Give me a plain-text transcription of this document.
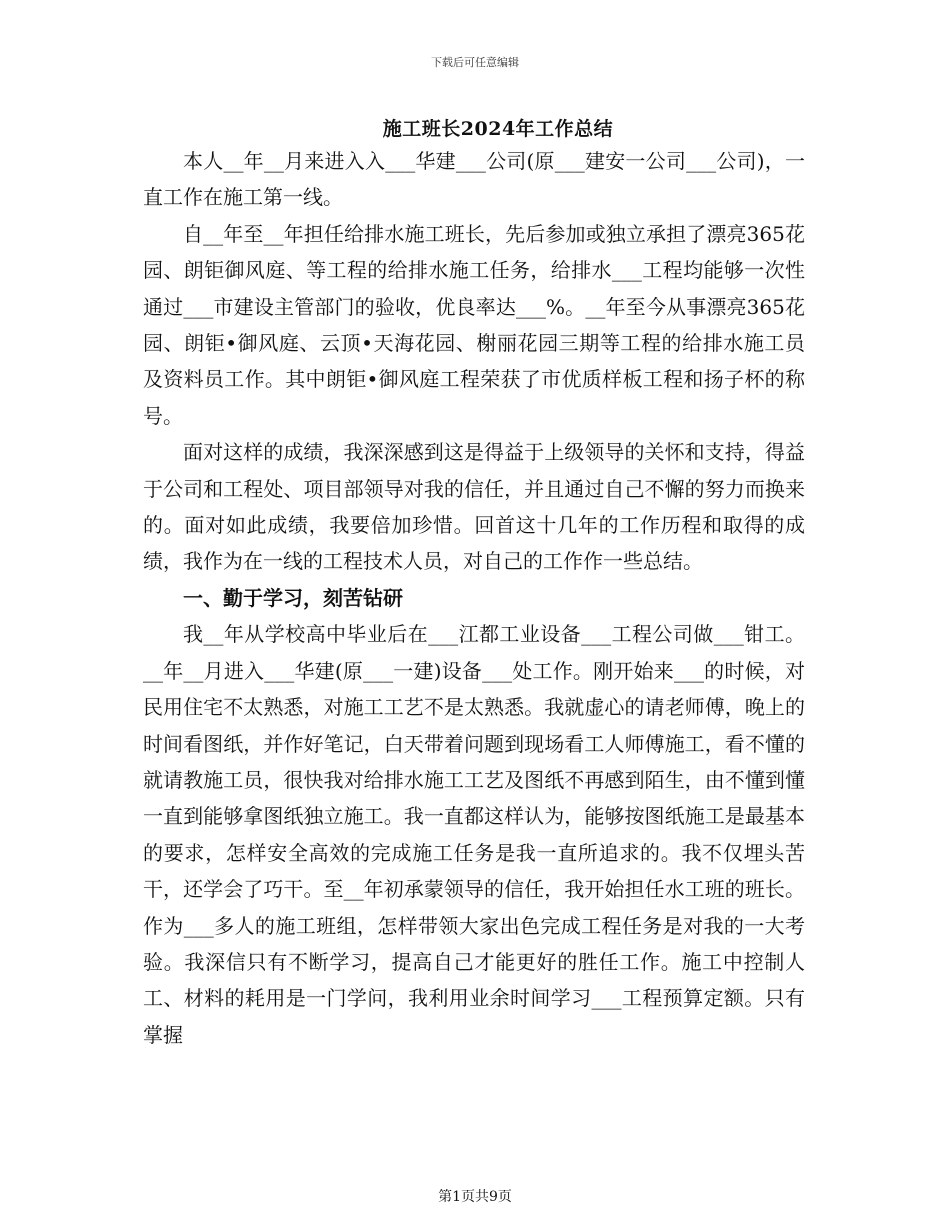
下载后可任意编辑
施工班长2024年工作总结

本人__年__月来进入入___华建___公司(原___建安一公司___公司)，一直工作在施工第一线。

自__年至__年担任给排水施工班长，先后参加或独立承担了漂亮365花园、朗钜御风庭、等工程的给排水施工任务，给排水___工程均能够一次性通过___市建设主管部门的验收，优良率达___%。__年至今从事漂亮365花园、朗钜•御风庭、云顶•天海花园、榭丽花园三期等工程的给排水施工员及资料员工作。其中朗钜•御风庭工程荣获了市优质样板工程和扬子杯的称号。

面对这样的成绩，我深深感到这是得益于上级领导的关怀和支持，得益于公司和工程处、项目部领导对我的信任，并且通过自己不懈的努力而换来的。面对如此成绩，我要倍加珍惜。回首这十几年的工作历程和取得的成绩，我作为在一线的工程技术人员，对自己的工作作一些总结。

一、勤于学习，刻苦钻研

我__年从学校高中毕业后在___江都工业设备___工程公司做___钳工。__年__月进入___华建(原___一建)设备___处工作。刚开始来___的时候，对民用住宅不太熟悉，对施工工艺不是太熟悉。我就虚心的请老师傅，晚上的时间看图纸，并作好笔记，白天带着问题到现场看工人师傅施工，看不懂的就请教施工员，很快我对给排水施工工艺及图纸不再感到陌生，由不懂到懂一直到能够拿图纸独立施工。我一直都这样认为，能够按图纸施工是最基本的要求，怎样安全高效的完成施工任务是我一直所追求的。我不仅埋头苦干，还学会了巧干。至__年初承蒙领导的信任，我开始担任水工班的班长。作为___多人的施工班组，怎样带领大家出色完成工程任务是对我的一大考验。我深信只有不断学习，提高自己才能更好的胜任工作。施工中控制人工、材料的耗用是一门学问，我利用业余时间学习___工程预算定额。只有掌握

第1页共9页
